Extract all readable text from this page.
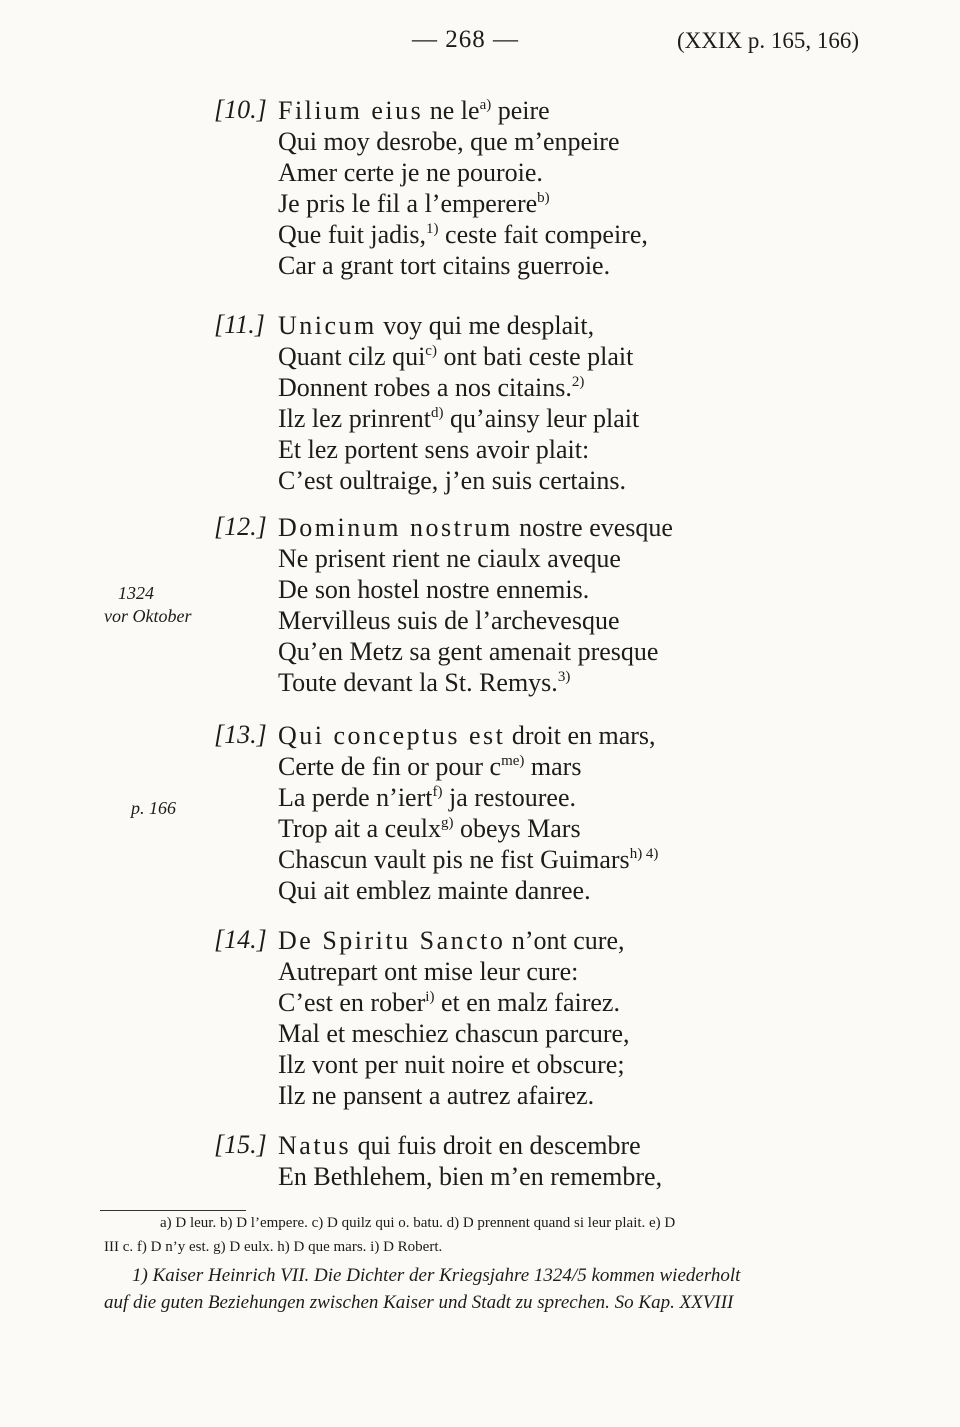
— 268 —	(XXIX p. 165, 166)
[10.] Filium eius ne $le^{a)}$ peire
Qui moy desrobe, que m’enpeire
Amer certe je ne pouroie.
Je pris le fil a l’emperere$^{b)}$
Que fuit jadis,$^{1)}$ ceste fait compeire,
Car a grant tort citains guerroie.
[11.] Unicum voy qui me desplait,
Quant cilz qui$^{c)}$ ont bati ceste plait
Donnent robes a nos citains.$^{2)}$
Ilz lez prinrent$^{d)}$ qu’ainsy leur plait
Et lez portent sens avoir plait:
C’est oultraige, j’en suis certains.
[12.] Dominum nostrum nostre evesque
Ne prisent rient ne ciaulx aveque
De son hostel nostre ennemis.
Mervilleus suis de l’archevesque
Qu’en Metz sa gent amenait presque
Toute devant la St. Remys.$^{3)}$
[13.] Qui conceptus est droit en mars,
Certe de fin or pour $c^{me)}$ mars
La perde n’iert$^{f)}$ ja restouree.
Trop ait a ceulx$^{g)}$ obeys Mars
Chascun vault pis ne fist Guimars$^{h) 4)}$
Qui ait emblez mainte danree.
[14.] De Spiritu Sancto n’ont cure,
Autrepart ont mise leur cure:
C’est en rober$^{i)}$ et en malz fairez.
Mal et meschiez chascun parcure,
Ilz vont per nuit noire et obscure;
Ilz ne pansent a autrez afairez.
[15.] Natus qui fuis droit en descembre
En Bethlehem, bien m’en remembre,
1324
vor Oktober
p. 166
a) D leur. b) D l’empere. c) D quilz qui o. batu. d) D prennent quand si leur plait. e) D
III c. f) D n’y est. g) D eulx. h) D que mars. i) D Robert.
1) Kaiser Heinrich VII. Die Dichter der Kriegsjahre 1324/5 kommen wiederholt
auf die guten Beziehungen zwischen Kaiser und Stadt zu sprechen. So Kap. XXVIII
